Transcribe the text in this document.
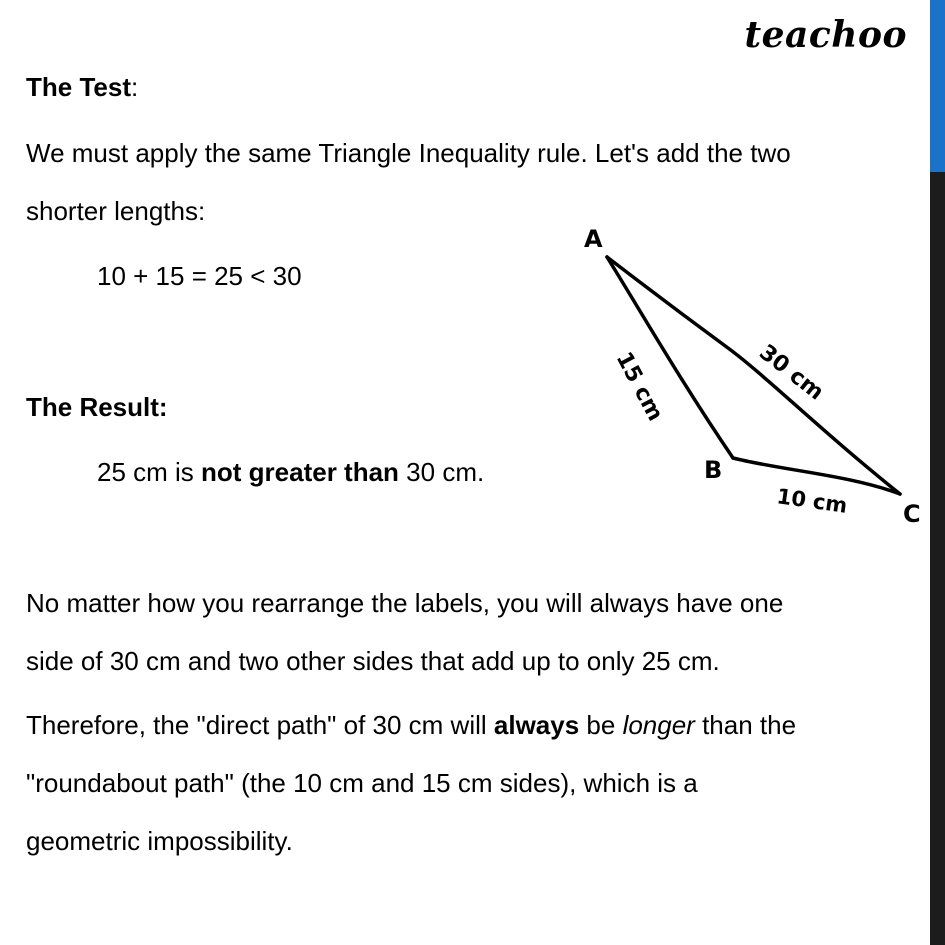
teachoo
The Test:
We must apply the same Triangle Inequality rule. Let's add the two
shorter lengths:
10 + 15 = 25 < 30
The Result:
25 cm is not greater than 30 cm.
No matter how you rearrange the labels, you will always have one
side of 30 cm and two other sides that add up to only 25 cm.
Therefore, the "direct path" of 30 cm will always be longer than the
"roundabout path" (the 10 cm and 15 cm sides), which is a
geometric impossibility.
A
B
C
15 cm	30 cm
10 cm
